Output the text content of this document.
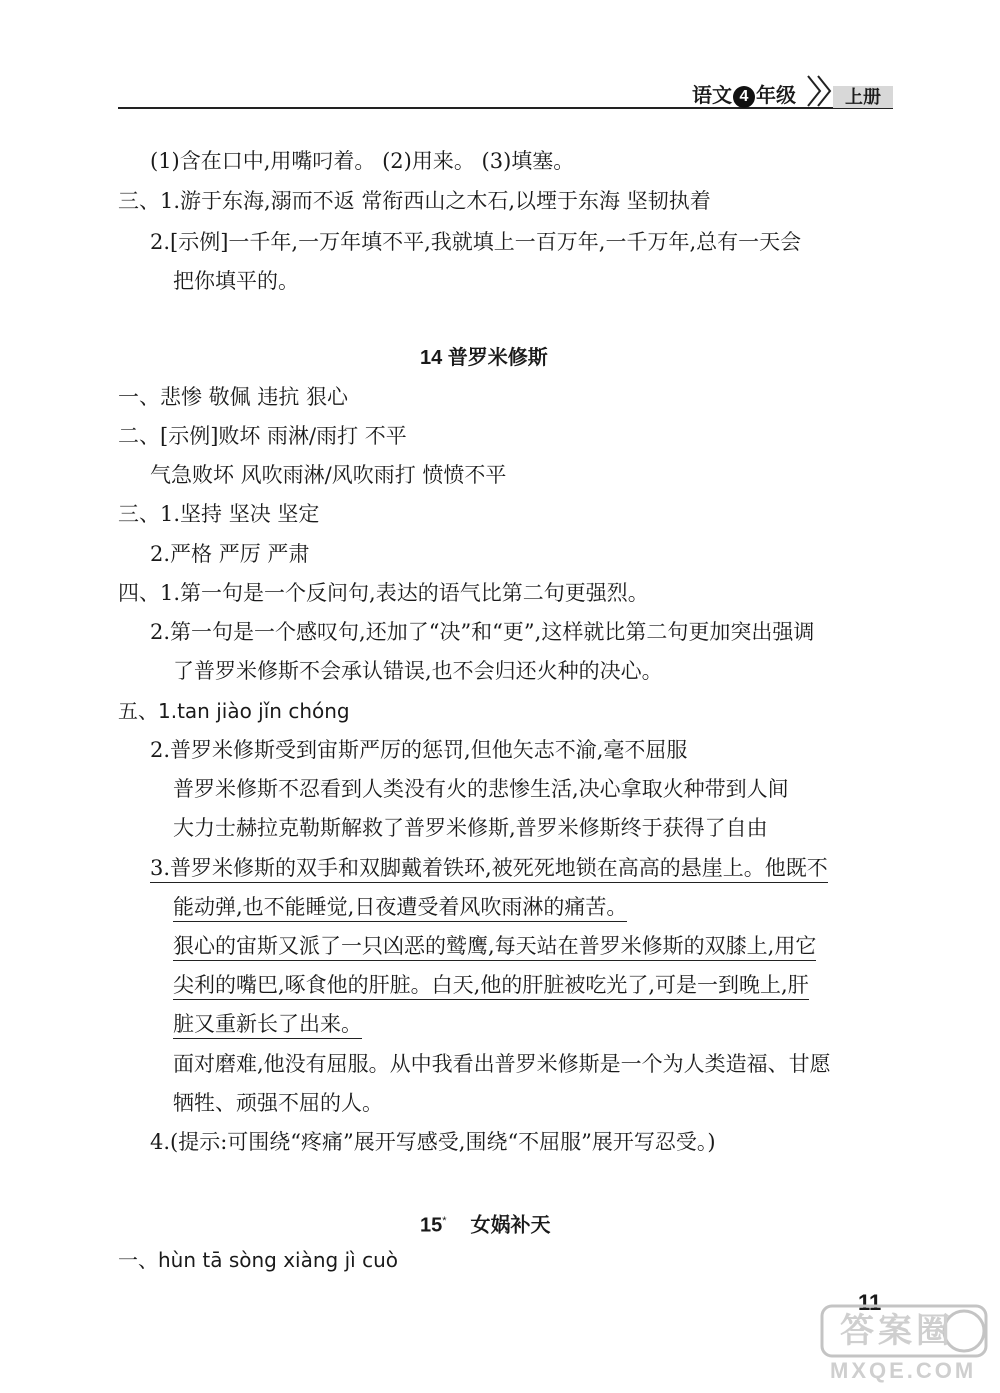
语文 4 年级	上册
(1)含在口中,用嘴叼着。 (2)用来。 (3)填塞。
三、1.游于东海,溺而不返 常衔西山之木石,以堙于东海 坚韧执着
2.[示例]一千年,一万年填不平,我就填上一百万年,一千万年,总有一天会
把你填平的。
14 普罗米修斯
一、悲惨 敬佩 违抗 狠心
二、[示例]败坏 雨淋/雨打 不平
气急败坏 风吹雨淋/风吹雨打 愤愤不平
三、1.坚持 坚决 坚定
2.严格 严厉 严肃
四、1.第一句是一个反问句,表达的语气比第二句更强烈。
2.第一句是一个感叹句,还加了“决”和“更”,这样就比第二句更加突出强调
了普罗米修斯不会承认错误,也不会归还火种的决心。
五、1.tan jiào jǐn chóng
2.普罗米修斯受到宙斯严厉的惩罚,但他矢志不渝,毫不屈服
普罗米修斯不忍看到人类没有火的悲惨生活,决心拿取火种带到人间
大力士赫拉克勒斯解救了普罗米修斯,普罗米修斯终于获得了自由
3.普罗米修斯的双手和双脚戴着铁环,被死死地锁在高高的悬崖上。他既不
能动弹,也不能睡觉,日夜遭受着风吹雨淋的痛苦。
狠心的宙斯又派了一只凶恶的鹫鹰,每天站在普罗米修斯的双膝上,用它
尖利的嘴巴,啄食他的肝脏。白天,他的肝脏被吃光了,可是一到晚上,肝
脏又重新长了出来。
面对磨难,他没有屈服。从中我看出普罗米修斯是一个为人类造福、甘愿
牺牲、顽强不屈的人。
4.(提示:可围绕“疼痛”展开写感受,围绕“不屈服”展开写忍受。)
15* 女娲补天
一、hùn tā sòng xiàng jì cuò
11
答案圈
MXQE.COM
